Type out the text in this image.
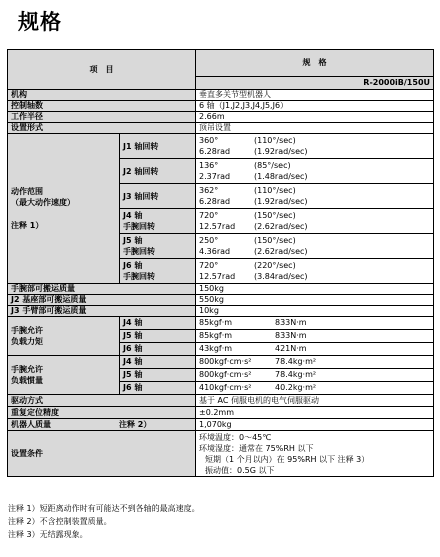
规格
项　目		规　格
		R-2000iB/150U
机构		垂直多关节型机器人
控制轴数		6 轴（J1,J2,J3,J4,J5,J6）
工作半径		2.66m
设置形式		顶吊设置

动作范围
（最大动作速度）
注释 1）	J1 轴回转	360° (110°/sec)
6.28rad (1.92rad/sec)

	J2 轴回转	136° (85°/sec)
2.37rad (1.48rad/sec)

	J3 轴回转	362° (110°/sec)
6.28rad (1.92rad/sec)

	J4 轴
手腕回转	720° (150°/sec)
12.57rad (2.62rad/sec)

	J5 轴
手腕回转	250° (150°/sec)
4.36rad (2.62rad/sec)

	J6 轴
手腕回转	720° (220°/sec)
12.57rad (3.84rad/sec)

手腕部可搬运质量		150kg
J2 基座部可搬运质量		550kg
J3 手臂部可搬运质量		10kg

手腕允许
负载力矩	J4 轴	85kgf·m 833N·m
	J5 轴	85kgf·m 833N·m
	J6 轴	43kgf·m 421N·m

手腕允许
负载惯量	J4 轴	800kgf·cm·s² 78.4kg·m²
	J5 轴	800kgf·cm·s² 78.4kg·m²
	J6 轴	410kgf·cm·s² 40.2kg·m²
驱动方式		基于 AC 伺服电机的电气伺服驱动
重复定位精度		±0.2mm
机器人质量 注释 2）		1,070kg
设置条件		环境温度：0～45℃
环境湿度：通常在 75%RH 以下
短期（1 个月以内）在 95%RH 以下 注释 3）
振动值：0.5G 以下
注释 1）短距离动作时有可能达不到各轴的最高速度。
注释 2）不含控制装置质量。
注释 3）无结露现象。
